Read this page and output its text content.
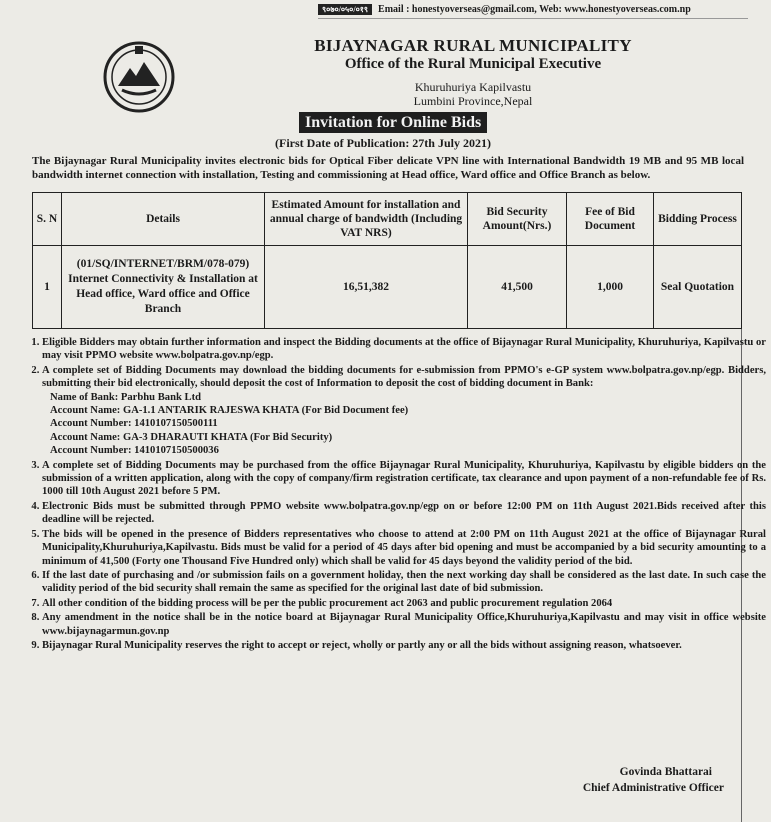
९०७०/०५०/०१९	Email : honestyoverseas@gmail.com, Web: www.honestyoverseas.com.np
BIJAYNAGAR RURAL MUNICIPALITY
Office of the Rural Municipal Executive
Khuruhuriya Kapilvastu
Lumbini Province,Nepal
Invitation for Online Bids
(First Date of Publication: 27th July 2021)
The Bijaynagar Rural Municipality invites electronic bids for Optical Fiber delicate VPN line with International Bandwidth 19 MB and 95 MB local bandwidth internet connection with installation, Testing and commissioning at Head office, Ward office and Office Branch as below.
S. N	Details	Estimated Amount for installation and annual charge of bandwidth (Including VAT NRS)	Bid Security Amount(Nrs.)	Fee of Bid Document	Bidding Process
1	(01/SQ/INTERNET/BRM/078-079) Internet Connectivity & Installation at Head office, Ward office and Office Branch	16,51,382	41,500	1,000	Seal Quotation
1. Eligible Bidders may obtain further information and inspect the Bidding documents at the office of Bijaynagar Rural Municipality, Khuruhuriya, Kapilvastu or may visit PPMO website www.bolpatra.gov.np/egp.
2. A complete set of Bidding Documents may download the bidding documents for e-submission from PPMO's e-GP system www.bolpatra.gov.np/egp. Bidders, submitting their bid electronically, should deposit the cost of Information to deposit the cost of bidding document in Bank:
Name of Bank: Parbhu Bank Ltd
Account Name: GA-1.1 ANTARIK RAJESWA KHATA (For Bid Document fee)
Account Number: 1410107150500111
Account Name: GA-3 DHARAUTI KHATA (For Bid Security)
Account Number: 1410107150500036
3. A complete set of Bidding Documents may be purchased from the office Bijaynagar Rural Municipality, Khuruhuriya, Kapilvastu by eligible bidders on the submission of a written application, along with the copy of company/firm registration certificate, tax clearance and upon payment of a non-refundable fee of Rs. 1000 till 10th August 2021 before 5 PM.
4. Electronic Bids must be submitted through PPMO website www.bolpatra.gov.np/egp on or before 12:00 PM on 11th August 2021.Bids received after this deadline will be rejected.
5. The bids will be opened in the presence of Bidders representatives who choose to attend at 2:00 PM on 11th August 2021 at the office of Bijaynagar Rural Municipality,Khuruhuriya,Kapilvastu. Bids must be valid for a period of 45 days after bid opening and must be accompanied by a bid security amounting to a minimum of 41,500 (Forty one Thousand Five Hundred only) which shall be valid for 45 days beyond the validity period of the bid.
6. If the last date of purchasing and /or submission fails on a government holiday, then the next working day shall be considered as the last date. In such case the validity period of the bid security shall remain the same as specified for the original last date of bid submission.
7. All other condition of the bidding process will be per the public procurement act 2063 and public procurement regulation 2064
8. Any amendment in the notice shall be in the notice board at Bijaynagar Rural Municipality Office,Khuruhuriya,Kapilvastu and may visit in office website www.bijaynagarmun.gov.np
9. Bijaynagar Rural Municipality reserves the right to accept or reject, wholly or partly any or all the bids without assigning reason, whatsoever.
Govinda Bhattarai
Chief Administrative Officer
